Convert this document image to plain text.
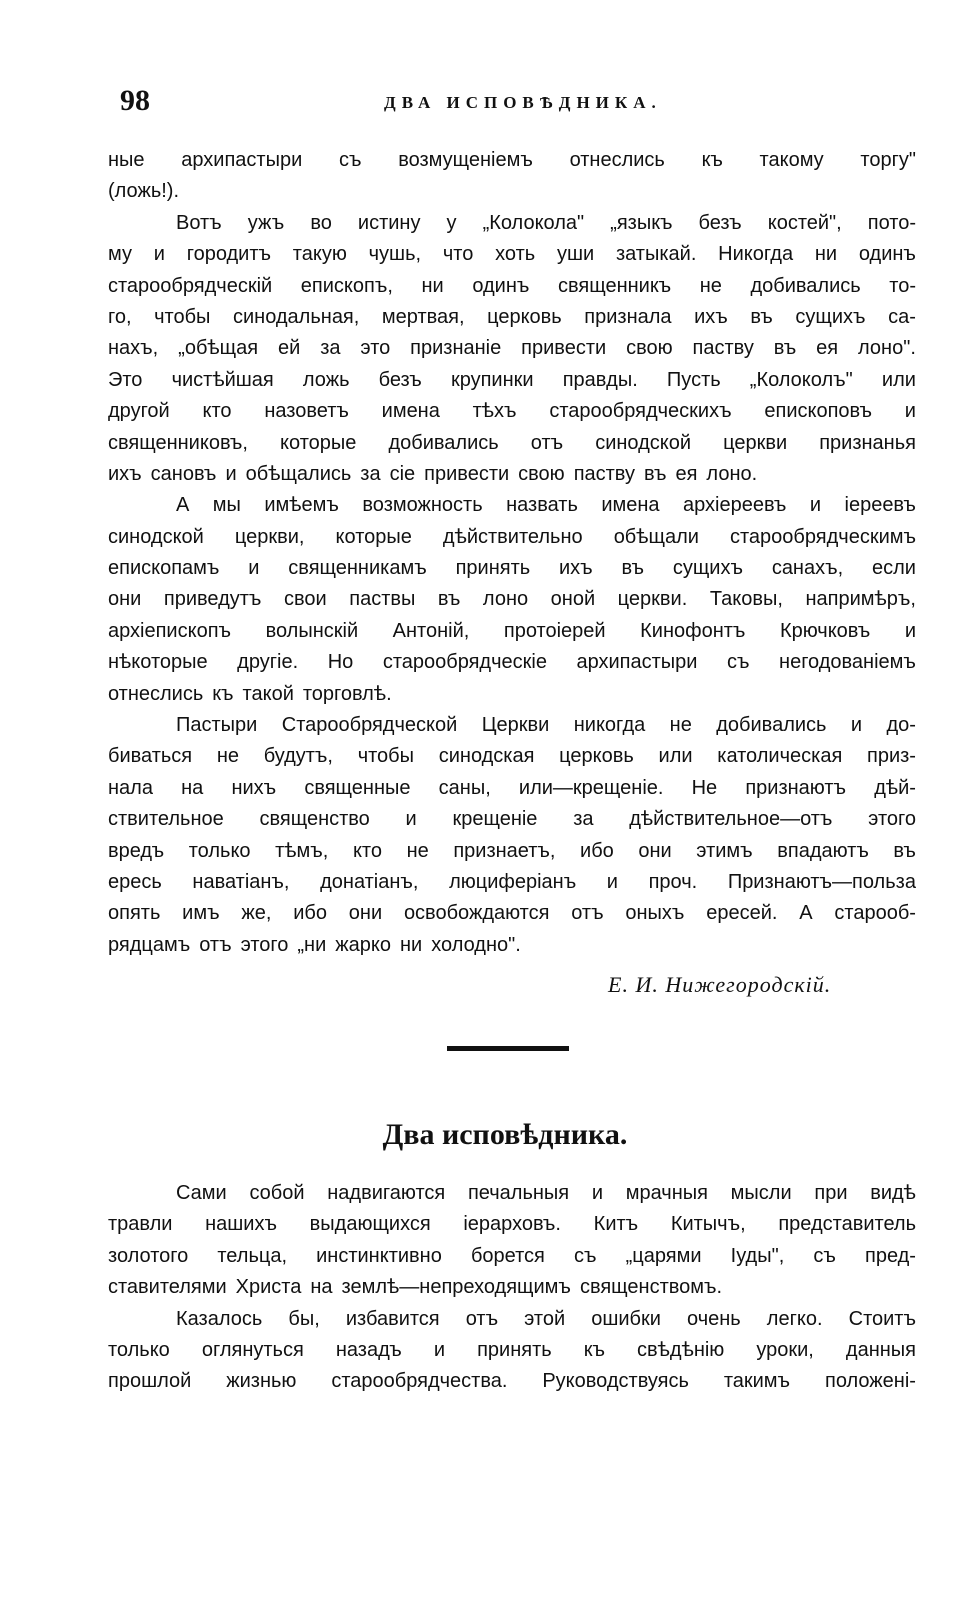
98	ДВА ИСПОВѢДНИКА.
ные архипастыри съ возмущенiемъ отнеслись къ такому торгу"
(ложь!).
Вотъ ужъ во истину у „Колокола" „языкъ безъ костей", пото-
му и городитъ такую чушь, что хоть уши затыкай. Никогда ни одинъ
старообрядческiй епископъ, ни одинъ священникъ не добивались то-
го, чтобы синодальная, мертвая, церковь признала ихъ въ сущихъ са-
нахъ, „обѣщая ей за это признанiе привести свою паству въ ея лоно".
Это чистѣйшая ложь безъ крупинки правды. Пусть „Колоколъ" или
другой кто назоветъ имена тѣхъ старообрядческихъ епископовъ и
священниковъ, которые добивались отъ синодской церкви признанья
ихъ сановъ и обѣщались за сiе привести свою паству въ ея лоно.
А мы имѣемъ возможность назвать имена архiереевъ и iереевъ
синодской церкви, которые дѣйствительно обѣщали старообрядческимъ
епископамъ и священникамъ принять ихъ въ сущихъ санахъ, если
они приведутъ свои паствы въ лоно оной церкви. Таковы, напримѣръ,
архiепископъ волынскiй Антонiй, протоiерей Кинофонтъ Крючковъ и
нѣкоторые другiе. Но старообрядческiе архипастыри съ негодованiемъ
отнеслись къ такой торговлѣ.
Пастыри Старообрядческой Церкви никогда не добивались и до-
биваться не будутъ, чтобы синодская церковь или католическая приз-
нала на нихъ священные саны, или—крещенiе. Не признаютъ дѣй-
ствительное священство и крещенiе за дѣйствительное—отъ этого
вредъ только тѣмъ, кто не признаетъ, ибо они этимъ впадаютъ въ
ересь наватiанъ, донатiанъ, люциферiанъ и проч. Признаютъ—польза
опять имъ же, ибо они освобождаются отъ оныхъ ересей. А старооб-
рядцамъ отъ этого „ни жарко ни холодно".
Е. И. Нижегородскiй.
Два исповѣдника.
Сами собой надвигаются печальныя и мрачныя мысли при видѣ
травли нашихъ выдающихся iерарховъ. Китъ Китычъ, представитель
золотого тельца, инстинктивно борется съ „царями Iуды", съ пред-
ставителями Христа на землѣ—непреходящимъ священствомъ.
Казалось бы, избавится отъ этой ошибки очень легко. Стоитъ
только оглянуться назадъ и принять къ свѣдѣнiю уроки, данныя
прошлой жизнью старообрядчества. Руководствуясь такимъ положенi-
